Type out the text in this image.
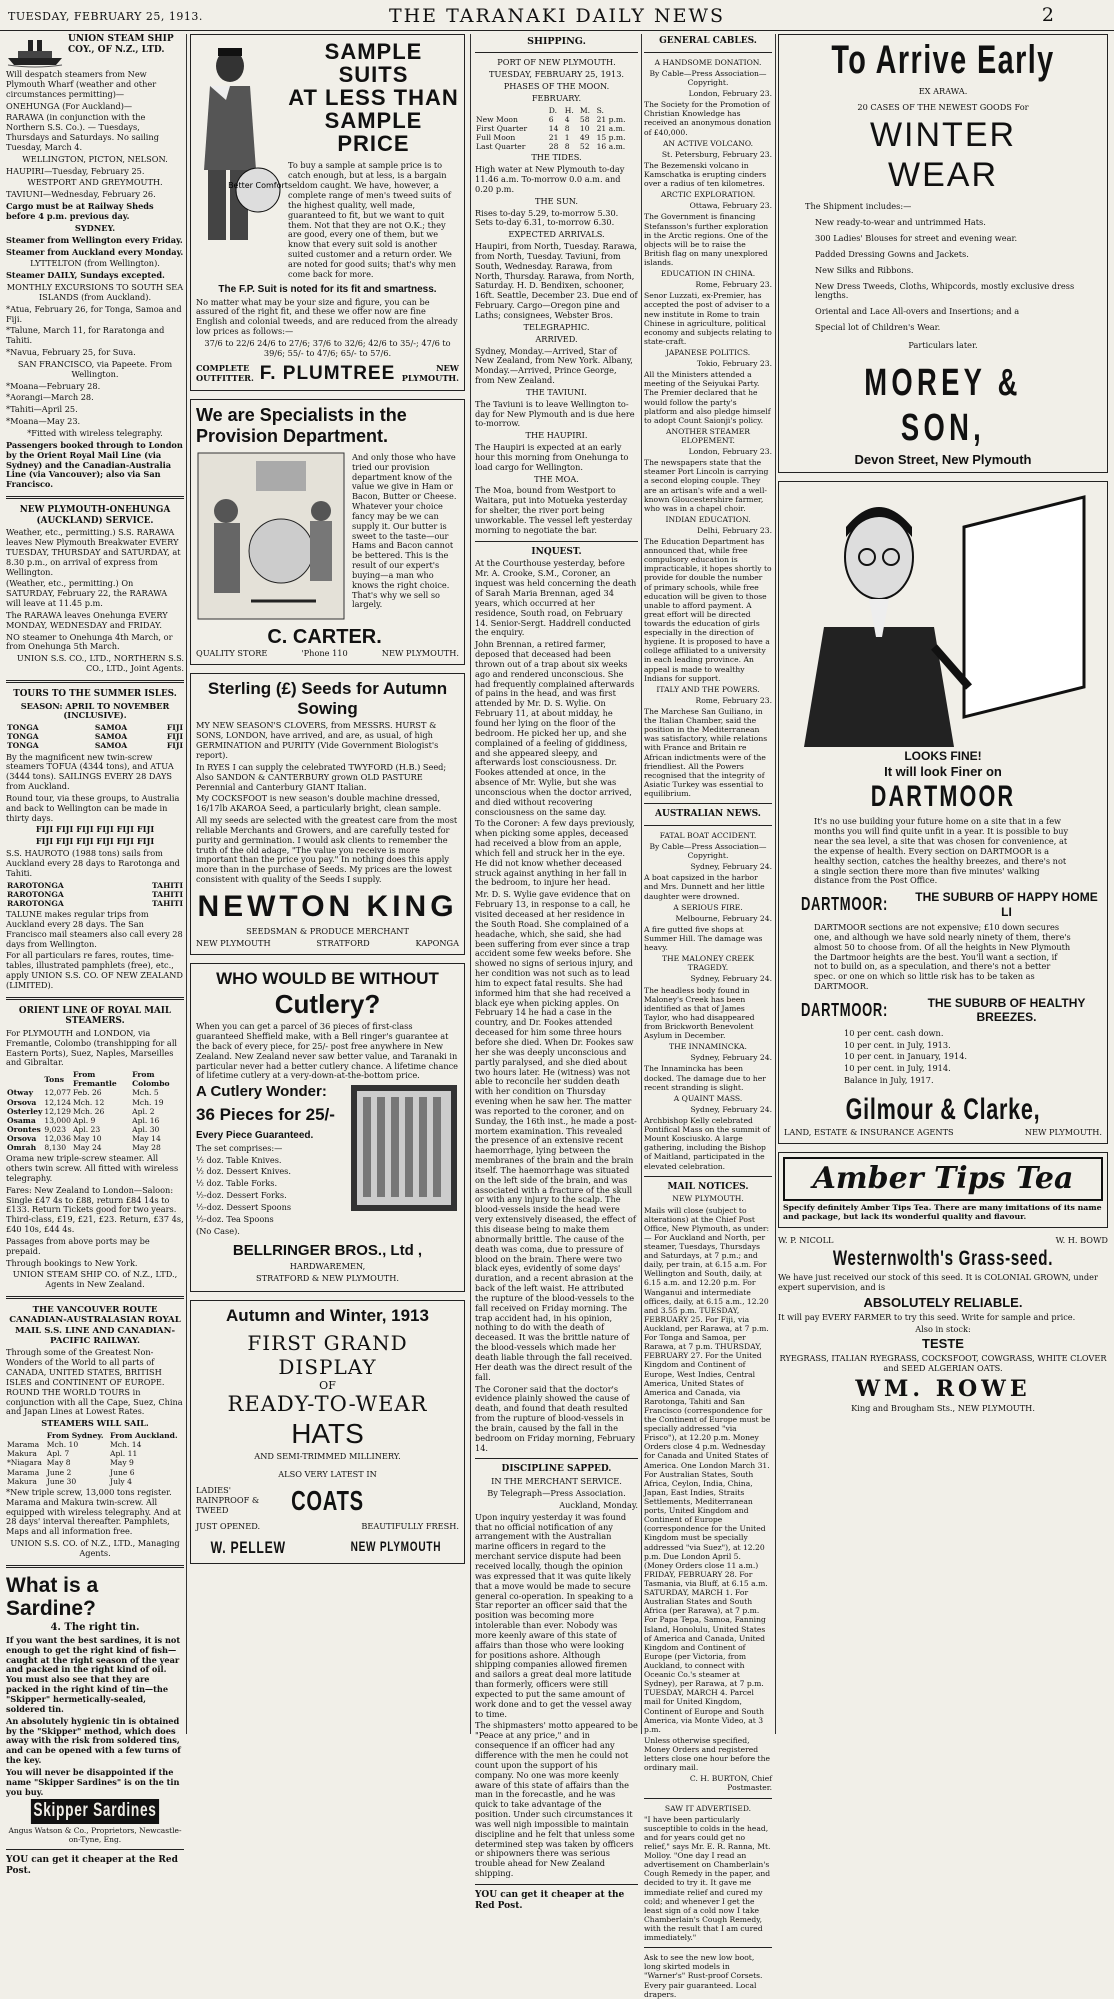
TUESDAY, FEBRUARY 25, 1913.	THE TARANAKI DAILY NEWS	2
UNION STEAM SHIP COY., OF N.Z., LTD.

Will despatch steamers from New Plymouth Wharf (weather and other circumstances permitting)—

ONEHUNGA (For Auckland)—

RARAWA (in conjunction with the Northern S.S. Co.). — Tuesdays, Thursdays and Saturdays. No sailing Tuesday, March 4.

WELLINGTON, PICTON, NELSON.

HAUPIRI—Tuesday, February 25.

WESTPORT AND GREYMOUTH.

TAVIUNI—Wednesday, February 26.

Cargo must be at Railway Sheds before 4 p.m. previous day.

SYDNEY.

Steamer from Wellington every Friday.

Steamer from Auckland every Monday.

LYTTELTON (from Wellington).

Steamer DAILY, Sundays excepted.

MONTHLY EXCURSIONS TO SOUTH SEA ISLANDS (from Auckland).

*Atua, February 26, for Tonga, Samoa and Fiji.

*Talune, March 11, for Raratonga and Tahiti.

*Navua, February 25, for Suva.

SAN FRANCISCO, via Papeete. From Wellington.

*Moana—February 28.

*Aorangi—March 28.

*Tahiti—April 25.

*Moana—May 23.

*Fitted with wireless telegraphy.

Passengers booked through to London by the Orient Royal Mail Line (via Sydney) and the Canadian-Australia Line (via Vancouver); also via San Francisco.

NEW PLYMOUTH-ONEHUNGA (AUCKLAND) SERVICE.

Weather, etc., permitting.) S.S. RARAWA leaves New Plymouth Breakwater EVERY TUESDAY, THURSDAY and SATURDAY, at 8.30 p.m., on arrival of express from Wellington.

(Weather, etc., permitting.) On SATURDAY, February 22, the RARAWA will leave at 11.45 p.m.

The RARAWA leaves Onehunga EVERY MONDAY, WEDNESDAY and FRIDAY.

NO steamer to Onehunga 4th March, or from Onehunga 5th March.

UNION S.S. CO., LTD., NORTHERN S.S. CO., LTD., Joint Agents.

TOURS TO THE SUMMER ISLES.

SEASON: APRIL TO NOVEMBER (INCLUSIVE).

TONGA	SAMOA	FIJI
TONGA	SAMOA	FIJI
TONGA	SAMOA	FIJI

By the magnificent new twin-screw steamers TOFUA (4344 tons), and ATUA (3444 tons). SAILINGS EVERY 28 DAYS from Auckland.

Round tour, via these groups, to Australia and back to Wellington can be made in thirty days.

FIJI FIJI FIJI FIJI FIJI FIJI

FIJI FIJI FIJI FIJI FIJI FIJI

S.S. HAUROTO (1988 tons) sails from Auckland every 28 days to Rarotonga and Tahiti.

RAROTONGA	TAHITI
RAROTONGA	TAHITI
RAROTONGA	TAHITI

TALUNE makes regular trips from Auckland every 28 days. The San Francisco mail steamers also call every 28 days from Wellington.

For all particulars re fares, routes, time-tables, illustrated pamphlets (free), etc., apply UNION S.S. CO. OF NEW ZEALAND (LIMITED).

ORIENT LINE OF ROYAL MAIL STEAMERS.

For PLYMOUTH and LONDON, via Fremantle, Colombo (transhipping for all Eastern Ports), Suez, Naples, Marseilles and Gibraltar.

	Tons	From Fremantle	From Colombo
Otway	12,077	Feb. 26	Mch. 5
Orsova	12,124	Mch. 12	Mch. 19
Osterley	12,129	Mch. 26	Apl. 2
Osama	13,000	Apl. 9	Apl. 16
Orontes	9,023	Apl. 23	Apl. 30
Orsova	12,036	May 10	May 14
Omrah	8,130	May 24	May 28

Orama new triple-screw steamer. All others twin screw. All fitted with wireless telegraphy.

Fares: New Zealand to London—Saloon: Single £47 4s to £88, return £84 14s to £133. Return Tickets good for two years. Third-class, £19, £21, £23. Return, £37 4s, £40 10s, £44 4s.

Passages from above ports may be prepaid.

Through bookings to New York.

UNION STEAM SHIP CO. of N.Z., LTD., Agents in New Zealand.

THE VANCOUVER ROUTE CANADIAN-AUSTRALASIAN ROYAL MAIL S.S. LINE AND CANADIAN-PACIFIC RAILWAY.

Through some of the Greatest Non-Wonders of the World to all parts of CANADA, UNITED STATES, BRITISH ISLES and CONTINENT OF EUROPE. ROUND THE WORLD TOURS in conjunction with all the Cape, Suez, China and Japan Lines at Lowest Rates.

STEAMERS WILL SAIL.

	From Sydney.	From Auckland.
Marama	Mch. 10	Mch. 14
Makura	Apl. 7	Apl. 11
*Niagara	May 8	May 9
Marama	June 2	June 6
Makura	June 30	July 4

*New triple screw, 13,000 tons register. Marama and Makura twin-screw. All equipped with wireless telegraphy. And at 28 days' interval thereafter. Pamphlets, Maps and all information free.

UNION S.S. CO. of N.Z., LTD., Managing Agents.

What is a Sardine?

4. The right tin.

If you want the best sardines, it is not enough to get the right kind of fish—caught at the right season of the year and packed in the right kind of oil. You must also see that they are packed in the right kind of tin—the "Skipper" hermetically-sealed, soldered tin.

An absolutely hygienic tin is obtained by the "Skipper" method, which does away with the risk from soldered tins, and can be opened with a few turns of the key.

You will never be disappointed if the name "Skipper Sardines" is on the tin you buy.

Skipper Sardines

Angus Watson & Co., Proprietors, Newcastle-on-Tyne, Eng.

YOU can get it cheaper at the Red Post.

Better Comfort
SAMPLE SUITS
AT LESS THAN
SAMPLE PRICE

To buy a sample at sample price is to catch enough, but at less, is a bargain seldom caught. We have, however, a complete range of men's tweed suits of the highest quality, well made, guaranteed to fit, but we want to quit them. Not that they are not O.K.; they are good, every one of them, but we know that every suit sold is another suited customer and a return order. We are noted for good suits; that's why men come back for more.

The F.P. Suit is noted for its fit and smartness.

No matter what may be your size and figure, you can be assured of the right fit, and these we offer now are fine English and colonial tweeds, and are reduced from the already low prices as follows:—

37/6 to 22/6 24/6 to 27/6; 37/6 to 32/6; 42/6 to 35/-; 47/6 to 39/6; 55/- to 47/6; 65/- to 57/6.

COMPLETE OUTFITTER. F. PLUMTREE	NEW PLYMOUTH.
We are Specialists in the Provision Department.

And only those who have tried our provision department know of the value we give in Ham or Bacon, Butter or Cheese. Whatever your choice fancy may be we can supply it. Our butter is sweet to the taste—our Hams and Bacon cannot be bettered. This is the result of our expert's buying—a man who knows the right choice. That's why we sell so largely.

QUALITY STORE
C. CARTER.
'Phone 110	NEW PLYMOUTH.
Sterling (£) Seeds for Autumn Sowing

MY NEW SEASON'S CLOVERS, from MESSRS. HURST & SONS, LONDON, have arrived, and are, as usual, of high GERMINATION and PURITY (Vide Government Biologist's report).

In RYES I can supply the celebrated TWYFORD (H.B.) Seed; Also SANDON & CANTERBURY grown OLD PASTURE Perennial and Canterbury GIANT Italian.

My COCKSFOOT is new season's double machine dressed, 16/17lb AKAROA Seed, a particularly bright, clean sample.

All my seeds are selected with the greatest care from the most reliable Merchants and Growers, and are carefully tested for purity and germination. I would ask clients to remember the truth of the old adage, "The value you receive is more important than the price you pay." In nothing does this apply more than in the purchase of Seeds. My prices are the lowest consistent with quality of the Seeds I supply.

NEWTON KING

SEEDSMAN & PRODUCE MERCHANT

NEW PLYMOUTH	STRATFORD	KAPONGA
WHO WOULD BE WITHOUT
Cutlery?

When you can get a parcel of 36 pieces of first-class guaranteed Sheffield make, with a Bell ringer's guarantee at the back of every piece, for 25/- post free anywhere in New Zealand. New Zealand never saw better value, and Taranaki in particular never had a better cutlery chance. A lifetime chance of lifetime cutlery at a very-down-at-the-bottom price.

A Cutlery Wonder:
36 Pieces for 25/-
Every Piece Guaranteed.

The set comprises:—

½ doz. Table Knives.

½ doz. Dessert Knives.

½ doz. Table Forks.

½-doz. Dessert Forks.

½-doz. Dessert Spoons

½-doz. Tea Spoons

(No Case).

BELLRINGER BROS., Ltd ,

HARDWAREMEN,

STRATFORD & NEW PLYMOUTH.

Autumn and Winter, 1913
FIRST GRAND DISPLAY
OF
READY-TO-WEAR
HATS

AND SEMI-TRIMMED MILLINERY.

ALSO VERY LATEST IN

LADIES' RAINPROOF & TWEED	COATS
JUST OPENED.	BEAUTIFULLY FRESH.
W. PELLEW	NEW PLYMOUTH

SHIPPING.

PORT OF NEW PLYMOUTH.

TUESDAY, FEBRUARY 25, 1913.

PHASES OF THE MOON.

FEBRUARY.

	D.	H.	M.	S.
New Moon	6	4	58	21 p.m.
First Quarter	14	8	10	21 a.m.
Full Moon	21	1	49	15 p.m.
Last Quarter	28	8	52	16 a.m.

THE TIDES.

High water at New Plymouth to-day 11.46 a.m. To-morrow 0.0 a.m. and 0.20 p.m.

THE SUN.

Rises to-day 5.29, to-morrow 5.30. Sets to-day 6.31, to-morrow 6.30.

EXPECTED ARRIVALS.

Haupiri, from North, Tuesday. Rarawa, from North, Tuesday. Taviuni, from South, Wednesday. Rarawa, from North, Thursday. Rarawa, from North, Saturday. H. D. Bendixen, schooner, 16ft. Seattle, December 23. Due end of February. Cargo—Oregon pine and Laths; consignees, Webster Bros.

TELEGRAPHIC.

ARRIVED.

Sydney, Monday.—Arrived, Star of New Zealand, from New York. Albany, Monday.—Arrived, Prince George, from New Zealand.

THE TAVIUNI.

The Taviuni is to leave Wellington to-day for New Plymouth and is due here to-morrow.

THE HAUPIRI.

The Haupiri is expected at an early hour this morning from Onehunga to load cargo for Wellington.

THE MOA.

The Moa, bound from Westport to Waitara, put into Motueka yesterday for shelter, the river port being unworkable. The vessel left yesterday morning to negotiate the bar.

INQUEST.

At the Courthouse yesterday, before Mr. A. Crooke, S.M., Coroner, an inquest was held concerning the death of Sarah Maria Brennan, aged 34 years, which occurred at her residence, South road, on February 14. Senior-Sergt. Haddrell conducted the enquiry.

John Brennan, a retired farmer, deposed that deceased had been thrown out of a trap about six weeks ago and rendered unconscious. She had frequently complained afterwards of pains in the head, and was first attended by Mr. D. S. Wylie. On February 11, at about midday, he found her lying on the floor of the bedroom. He picked her up, and she complained of a feeling of giddiness, and she appeared sleepy, and afterwards lost consciousness. Dr. Fookes attended at once, in the absence of Mr. Wylie, but she was unconscious when the doctor arrived, and died without recovering consciousness on the same day.

To the Coroner: A few days previously, when picking some apples, deceased had received a blow from an apple, which fell and struck her in the eye. He did not know whether deceased struck against anything in her fall in the bedroom, to injure her head.

Mr. D. S. Wylie gave evidence that on February 13, in response to a call, he visited deceased at her residence in the South Road. She complained of a headache, which, she said, she had been suffering from ever since a trap accident some few weeks before. She showed no signs of serious injury, and her condition was not such as to lead him to expect fatal results. She had informed him that she had received a black eye when picking apples. On February 14 he had a case in the country, and Dr. Fookes attended deceased for him some three hours before she died. When Dr. Fookes saw her she was deeply unconscious and partly paralysed, and she died about two hours later. He (witness) was not able to reconcile her sudden death with her condition on Thursday evening when he saw her. The matter was reported to the coroner, and on Sunday, the 16th inst., he made a post-mortem examination. This revealed the presence of an extensive recent haemorrhage, lying between the membranes of the brain and the brain itself. The haemorrhage was situated on the left side of the brain, and was associated with a fracture of the skull or with any injury to the scalp. The blood-vessels inside the head were very extensively diseased, the effect of this disease being to make them abnormally brittle. The cause of the death was coma, due to pressure of blood on the brain. There were two black eyes, evidently of some days' duration, and a recent abrasion at the back of the left waist. He attributed the rupture of the blood-vessels to the fall received on Friday morning. The trap accident had, in his opinion, nothing to do with the death of deceased. It was the brittle nature of the blood-vessels which made her death liable through the fall received. Her death was the direct result of the fall.

The Coroner said that the doctor's evidence plainly showed the cause of death, and found that death resulted from the rupture of blood-vessels in the brain, caused by the fall in the bedroom on Friday morning, February 14.

DISCIPLINE SAPPED.

IN THE MERCHANT SERVICE.

By Telegraph—Press Association.

Auckland, Monday.

Upon inquiry yesterday it was found that no official notification of any arrangement with the Australian marine officers in regard to the merchant service dispute had been received locally, though the opinion was expressed that it was quite likely that a move would be made to secure general co-operation. In speaking to a Star reporter an officer said that the position was becoming more intolerable than ever. Nobody was more keenly aware of this state of affairs than those who were looking for positions ashore. Although shipping companies allowed firemen and sailors a great deal more latitude than formerly, officers were still expected to put the same amount of work done and to get the vessel away to time.

The shipmasters' motto appeared to be "Peace at any price," and in consequence if an officer had any difference with the men he could not count upon the support of his company. No one was more keenly aware of this state of affairs than the man in the forecastle, and he was quick to take advantage of the position. Under such circumstances it was well nigh impossible to maintain discipline and he felt that unless some determined step was taken by officers or shipowners there was serious trouble ahead for New Zealand shipping.

YOU can get it cheaper at the Red Post.

GENERAL CABLES.

A HANDSOME DONATION.

By Cable—Press Association—Copyright.

London, February 23.

The Society for the Promotion of Christian Knowledge has received an anonymous donation of £40,000.

AN ACTIVE VOLCANO.

St. Petersburg, February 23.

The Bezemenski volcano in Kamschatka is erupting cinders over a radius of ten kilometres.

ARCTIC EXPLORATION.

Ottawa, February 23.

The Government is financing Stefansson's further exploration in the Arctic regions. One of the objects will be to raise the British flag on many unexplored islands.

EDUCATION IN CHINA.

Rome, February 23.

Senor Luzzati, ex-Premier, has accepted the post of adviser to a new institute in Rome to train Chinese in agriculture, political economy and subjects relating to state-craft.

JAPANESE POLITICS.

Tokio, February 23.

All the Ministers attended a meeting of the Seiyukai Party. The Premier declared that he would follow the party's platform and also pledge himself to adopt Count Saionji's policy.

ANOTHER STEAMER ELOPEMENT.

London, February 23.

The newspapers state that the steamer Port Lincoln is carrying a second eloping couple. They are an artisan's wife and a well-known Gloucestershire farmer, who was in a chapel choir.

INDIAN EDUCATION.

Delhi, February 23.

The Education Department has announced that, while free compulsory education is impracticable, it hopes shortly to provide for double the number of primary schools, while free education will be given to those unable to afford payment. A great effort will be directed towards the education of girls especially in the direction of hygiene. It is proposed to have a college affiliated to a university in each leading province. An appeal is made to wealthy Indians for support.

ITALY AND THE POWERS.

Rome, February 23.

The Marchese San Guiliano, in the Italian Chamber, said the position in the Mediterranean was satisfactory, while relations with France and Britain re African indictments were of the friendliest. All the Powers recognised that the integrity of Asiatic Turkey was essential to equilibrium.

AUSTRALIAN NEWS.

FATAL BOAT ACCIDENT.

By Cable—Press Association—Copyright.

Sydney, February 24.

A boat capsized in the harbor and Mrs. Dunnett and her little daughter were drowned.

A SERIOUS FIRE.

Melbourne, February 24.

A fire gutted five shops at Summer Hill. The damage was heavy.

THE MALONEY CREEK TRAGEDY.

Sydney, February 24.

The headless body found in Maloney's Creek has been identified as that of James Taylor, who had disappeared from Brickworth Benevolent Asylum in December.

THE INNAMINCKA.

Sydney, February 24.

The Innamincka has been docked. The damage due to her recent stranding is slight.

A QUAINT MASS.

Sydney, February 24.

Archbishop Kelly celebrated Pontifical Mass on the summit of Mount Kosciusko. A large gathering, including the Bishop of Maitland, participated in the elevated celebration.

MAIL NOTICES.

NEW PLYMOUTH.

Mails will close (subject to alterations) at the Chief Post Office, New Plymouth, as under:— For Auckland and North, per steamer, Tuesdays, Thursdays and Saturdays, at 7 p.m.; and daily, per train, at 6.15 a.m. For Wellington and South, daily, at 6.15 a.m. and 12.20 p.m. For Wanganui and intermediate offices, daily, at 6.15 a.m., 12.20 and 3.55 p.m. TUESDAY, FEBRUARY 25. For Fiji, via Auckland, per Rarawa, at 7 p.m. For Tonga and Samoa, per Rarawa, at 7 p.m. THURSDAY, FEBRUARY 27. For the United Kingdom and Continent of Europe, West Indies, Central America, United States of America and Canada, via Rarotonga, Tahiti and San Francisco (correspondence for the Continent of Europe must be specially addressed "via Frisco"), at 12.20 p.m. Money Orders close 4 p.m. Wednesday for Canada and United States of America. One London March 31. For Australian States, South Africa, Ceylon, India, China, Japan, East Indies, Straits Settlements, Mediterranean ports, United Kingdom and Continent of Europe (correspondence for the United Kingdom must be specially addressed "via Suez"), at 12.20 p.m. Due London April 5. (Money Orders close 11 a.m.) FRIDAY, FEBRUARY 28. For Tasmania, via Bluff, at 6.15 a.m. SATURDAY, MARCH 1. For Australian States and South Africa (per Rarawa), at 7 p.m. For Papa Tepa, Samoa, Fanning Island, Honolulu, United States of America and Canada, United Kingdom and Continent of Europe (per Victoria, from Auckland, to connect with Oceanic Co.'s steamer at Sydney), per Rarawa, at 7 p.m. TUESDAY, MARCH 4. Parcel mail for United Kingdom, Continent of Europe and South America, via Monte Video, at 3 p.m.

Unless otherwise specified, Money Orders and registered letters close one hour before the ordinary mail.

C. H. BURTON, Chief Postmaster.

SAW IT ADVERTISED.

"I have been particularly susceptible to colds in the head, and for years could get no relief," says Mr. E. R. Ranna, Mt. Molloy. "One day I read an advertisement on Chamberlain's Cough Remedy in the paper, and decided to try it. It gave me immediate relief and cured my cold; and whenever I get the least sign of a cold now I take Chamberlain's Cough Remedy, with the result that I am cured immediately."

Ask to see the new low boot, long skirted models in "Warner's" Rust-proof Corsets. Every pair guaranteed. Local drapers.

To Arrive Early

EX ARAWA.

20 CASES OF THE NEWEST GOODS For

WINTER
WEAR

The Shipment includes:—

New ready-to-wear and untrimmed Hats.

300 Ladies' Blouses for street and evening wear.

Padded Dressing Gowns and Jackets.

New Silks and Ribbons.

New Dress Tweeds, Cloths, Whipcords, mostly exclusive dress lengths.

Oriental and Lace All-overs and Insertions; and a

Special lot of Children's Wear.

Particulars later.

MOREY & SON,
Devon Street, New Plymouth
LOOKS FINE!
It will look Finer on
DARTMOOR

It's no use building your future home on a site that in a few months you will find quite unfit in a year. It is possible to buy near the sea level, a site that was chosen for convenience, at the expense of health. Every section on DARTMOOR is a healthy section, catches the healthy breezes, and there's not a single section there more than five minutes' walking distance from the Post Office.

DARTMOOR:	THE SUBURB OF HAPPY HOME LI

DARTMOOR sections are not expensive; £10 down secures one, and although we have sold nearly ninety of them, there's almost 50 to choose from. Of all the heights in New Plymouth the Dartmoor heights are the best. You'll want a section, if not to build on, as a speculation, and there's not a better spec. or one on which so little risk has to be taken as DARTMOOR.

DARTMOOR:	THE SUBURB OF HEALTHY BREEZES.

10 per cent. cash down.

10 per cent. in July, 1913.

10 per cent. in January, 1914.

10 per cent. in July, 1914.

Balance in July, 1917.

Gilmour & Clarke,
LAND, ESTATE & INSURANCE AGENTS	NEW PLYMOUTH.
Amber Tips Tea

Specify definitely Amber Tips Tea. There are many imitations of its name and package, but lack its wonderful quality and flavour.

W. P. NICOLL	W. H. BOWD
Westernwolth's Grass-seed.

We have just received our stock of this seed. It is COLONIAL GROWN, under expert supervision, and is

ABSOLUTELY RELIABLE.

It will pay EVERY FARMER to try this seed. Write for sample and price.

Also in stock:

TESTE

RYEGRASS, ITALIAN RYEGRASS, COCKSFOOT, COWGRASS, WHITE CLOVER and SEED ALGERIAN OATS.

WM. ROWE

King and Brougham Sts., NEW PLYMOUTH.
